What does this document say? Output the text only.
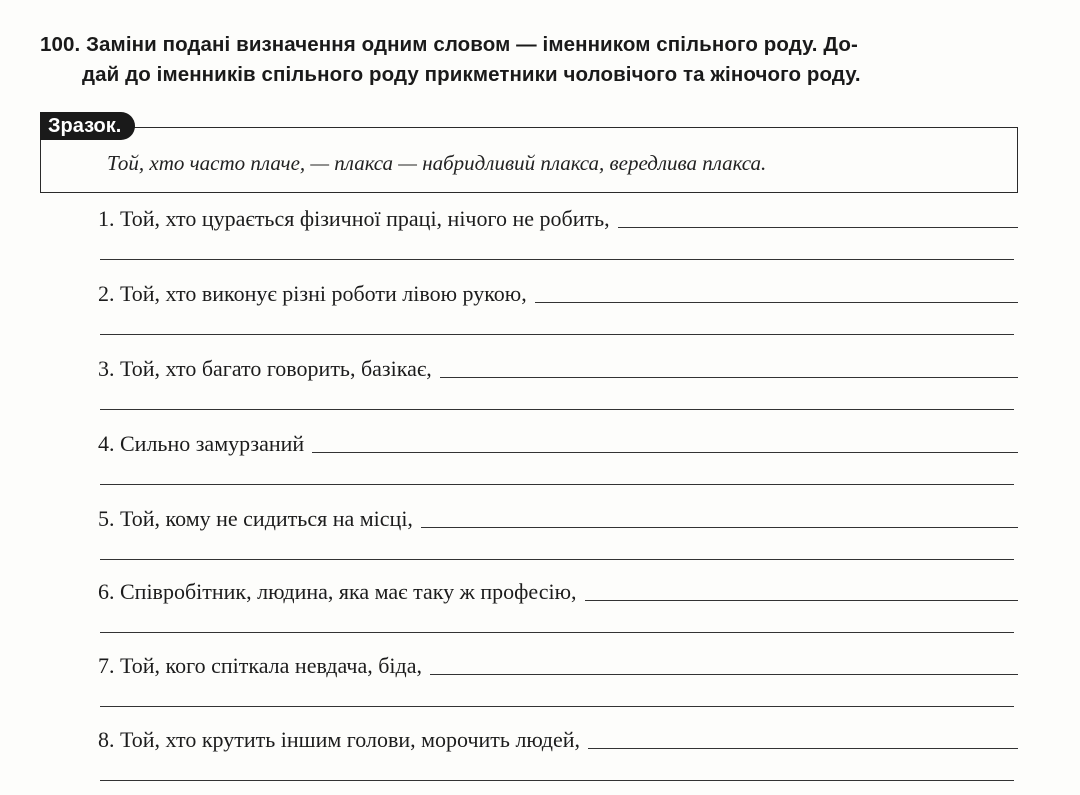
100. Заміни подані визначення одним словом — іменником спільного роду. До-
дай до іменників спільного роду прикметники чоловічого та жіночого роду.
Зразок.
Той, хто часто плаче, — плакса — набридливий плакса, вередлива плакса.
1. Той, хто цурається фізичної праці, нічого не робить,
2. Той, хто виконує різні роботи лівою рукою,
3. Той, хто багато говорить, базікає,
4. Сильно замурзаний
5. Той, кому не сидиться на місці,
6. Співробітник, людина, яка має таку ж професію,
7. Той, кого спіткала невдача, біда,
8. Той, хто крутить іншим голови, морочить людей,
